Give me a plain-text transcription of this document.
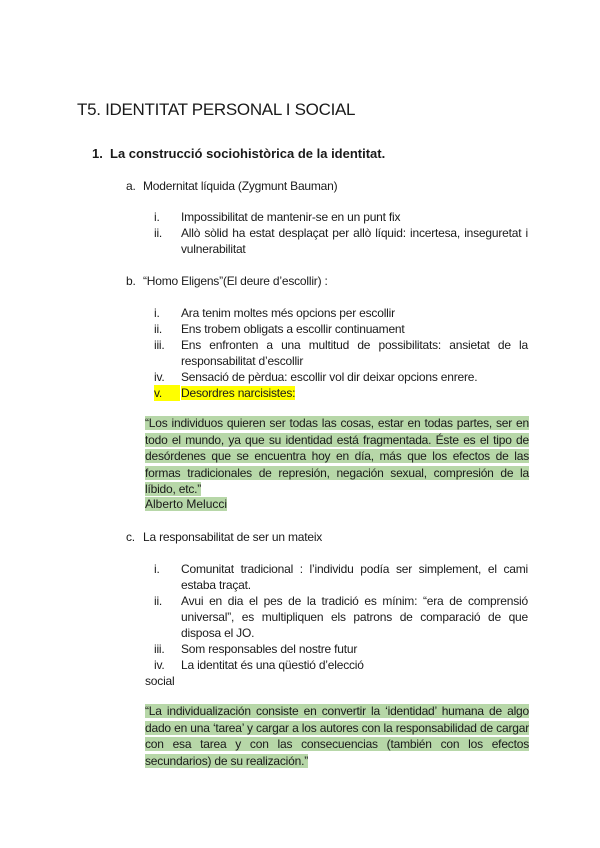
T5. IDENTITAT PERSONAL I SOCIAL
1. La construcció sociohistòrica de la identitat.
a. Modernitat líquida (Zygmunt Bauman)
i.	Impossibilitat de mantenir-se en un punt fix
ii.	Allò sòlid ha estat desplaçat per allò líquid: incertesa, inseguretat i vulnerabilitat
b. “Homo Eligens”(El deure d’escollir) :
i.	Ara tenim moltes més opcions per escollir
ii.	Ens trobem obligats a escollir continuament
iii.	Ens enfronten a una multitud de possibilitats: ansietat de la responsabilitat d’escollir
iv.	Sensació de pèrdua: escollir vol dir deixar opcions enrere.
v.	Desordres narcisistes:
“Los individuos quieren ser todas las cosas, estar en todas partes, ser en todo el mundo, ya que su identidad está fragmentada. Éste es el tipo de desórdenes que se encuentra hoy en día, más que los efectos de las formas tradicionales de represión, negación sexual, compresión de la líbido, etc.”
Alberto Melucci
c. La responsabilitat de ser un mateix
i.	Comunitat tradicional : l’individu podía ser simplement, el cami estaba traçat.
ii.	Avui en dia el pes de la tradició es mínim: “era de comprensió universal”, es multipliquen els patrons de comparació de que disposa el JO.
iii.	Som responsables del nostre futur
iv.	La identitat és una qüestió d’elecció
social
“La individualización consiste en convertir la ‘identidad’ humana de algo dado en una ‘tarea’ y cargar a los autores con la responsabilidad de cargar con esa tarea y con las consecuencias (también con los efectos secundarios) de su realización.”
